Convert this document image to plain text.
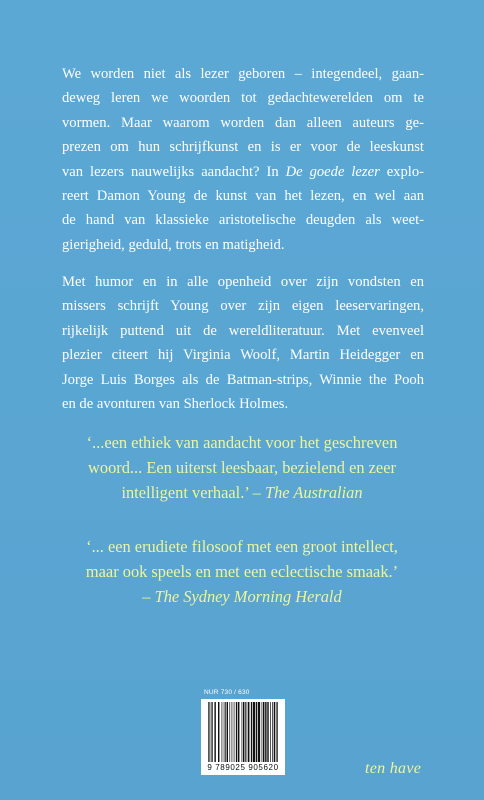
We worden niet als lezer geboren – integendeel, gaan-
deweg leren we woorden tot gedachtewerelden om te
vormen. Maar waarom worden dan alleen auteurs ge-
prezen om hun schrijfkunst en is er voor de leeskunst
van lezers nauwelijks aandacht? In De goede lezer explo-
reert Damon Young de kunst van het lezen, en wel aan
de hand van klassieke aristotelische deugden als weet-
gierigheid, geduld, trots en matigheid.
Met humor en in alle openheid over zijn vondsten en
missers schrijft Young over zijn eigen leeservaringen,
rijkelijk puttend uit de wereldliteratuur. Met evenveel
plezier citeert hij Virginia Woolf, Martin Heidegger en
Jorge Luis Borges als de Batman-strips, Winnie the Pooh
en de avonturen van Sherlock Holmes.
‘...een ethiek van aandacht voor het geschreven
woord... Een uiterst leesbaar, bezielend en zeer
intelligent verhaal.’ – The Australian
‘... een erudiete filosoof met een groot intellect,
maar ook speels en met een eclectische smaak.’
– The Sydney Morning Herald
NUR 730 / 630
9 789025 905620	ten have
